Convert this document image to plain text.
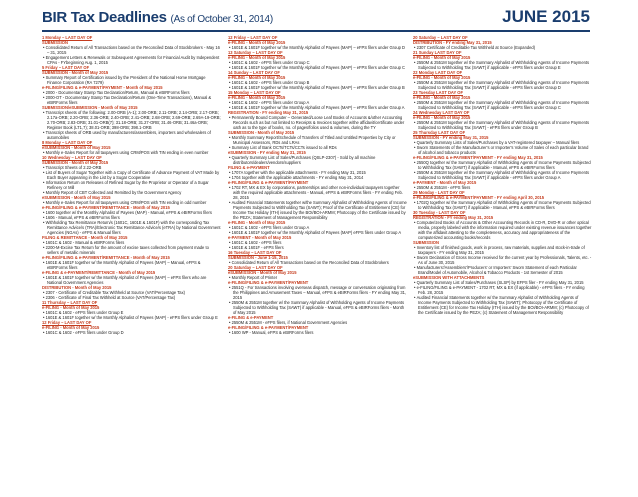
BIR Tax Deadlines (As of October 31, 2014)	JUNE 2015
1 Monday – LAST DAY OF
SUBMISSION
• Consolidated Return of All Transactions based on the Reconciled Data of Stockbrokers - May 16 – 31, 2015
• Engagement Letters & Renewals or Subsequent Agreements for Financial Audit by Independent CPAs - FYbeginning Aug. 1, 2015
5 Friday – LAST DAY OF
SUBMISSION - Month of May 2015
• Summary Report of Certification issued by the President of the National Home Mortgage Finance Corporation (RA 7279)
e-FILING/FILING & e-PAYMENT/PAYMENT - Month of May 2015
• 2000 - Documentary Stamp Tax Declaration/Return, Manual & eBIRForms filers
• 2000-OT - Documentary Stamp Tax Declaration/Return (One-Time Transactions), Manual & eBIRForms filers
SUBMISSION/eSUBMISSION - Month of May 2015
• Transcript sheets of the following: 2.00-ORB (A-1); 2.00-ORB; 2.11-ORB; 2.14-ORB; 2.17-ORB; 2.17a-ORB; 2.20-ORB; 2.36-ORB; 2.40-ORB; 2.41-ORB; 2.68-ORB; 2.69-ORB; 2.69A-19-ORB; 2.70-ORB; 2.83-ORB; 31.01-ORB(7); 31.18-ORB; 31.27-ORB; 31.46-ORB; 31.46a-ORB; Register Book (LT1,7); 38.01-ORB; 398-ORB; 398.1-ORB
• Transcript sheets of ORB used by manufacturers/assemblers, importers and wholesalers of automobiles
8 Monday – LAST DAY OF
eSUBMISSION - Month of May 2015
• Monthly e-Sales Report for all taxpayers using CRM/POS with TIN ending in even number
10 Wednesday – LAST DAY OF
SUBMISSION - Month of May 2015
• Transcript Sheets of 2.22-ORB
• List of Buyers of Sugar Together with a Copy of Certificate of Advance Payment of VAT Made by Each Buyer appearing in the List by a Sugar Cooperative
• Information Return on Releases of Refined Sugar by the Proprietor or Operator of a Sugar Refinery or Mill
• Monthly Report of CBT Collected and Remitted by the Government Agency
eSUBMISSION - Month of May 2015
• Monthly e-Sales Report for all taxpayers using CRM/POS with TIN ending in odd number
e-FILING/FILING & e-PAYMENT/REMITTANCE - Month of May 2015
• 1600 together w/ the Monthly Alphalist of Payees (MAP) - Manual, eFPS & eBIRForms filers
• 1606 - Manual, eFPS & eBIRForms filers
• Withholding Tax Remittance Return/s (1601C, 1601E & 1601F) with the corresponding Tax Remittance Advice/s (TRA)/Electronic Tax Remittance Advice/s (eTRA) by National Government Agencies (NGAs) - eFPS & Manual filers
FILING & REMITTANCE - Month of May 2015
• 1601C & 1602 - Manual & eBIRForms filers
• 2200-M-Excise Tax Return for the amount of excise taxes collected from payment made to sellers of metallic minerals
e-FILING/FILING & e-PAYMENT/REMITTANCE - Month of May 2015
• 1601E & 1601F together w/ the Monthly Alphalist of Payees (MAP) – Manual, eFPS & eBIRForms filers
e-FILING & e-PAYMENT/REMITTANCE - Month of May 2015
• 1601E & 1601F together w/ the Monthly Alphalist of Payees (MAP) – eFPS filers who are National Government Agencies
DISTRIBUTION - Month of May 2015
• 2307 - Certificate of Creditable Tax Withheld at Source (VAT/Percentage Tax)
• 2306 - Certificate of Final Tax Withheld at Source (VAT/Percentage Tax)
11 Thursday – LAST DAY OF
e-FILING - Month of May 2015
• 1601C & 1602 - eFPS filers under Group E
• 1601E & 1601F together w/ the Monthly Alphalist of Payees (MAP) - eFPS filers under Group E
12 Friday – LAST DAY OF
e-FILING - Month of May 2015
• 1601C & 1602 - eFPS filers under Group D
12 Friday – LAST DAY OF
e-FILING - Month of May 2015
• 1601E & 1601F together w/ the Monthly Alphalist of Payees (MAP) – eFPS filers under Group D
13 Saturday – LAST DAY OF
e-FILING - Month of May 2015
• 1601C & 1602 - eFPS filers under Group C
• 1601E & 1601F together w/ the Monthly Alphalist of Payees (MAP) – eFPS filers under Group C
14 Sunday – LAST DAY OF
e-FILING - Month of May 2015
• 1601C & 1602 - eFPS filers under Group B
• 1601E & 1601F together w/ the Monthly Alphalist of Payees (MAP) – eFPS filers under Group B
15 Monday – LAST DAY OF
e-FILING - Month of May 2015
• 1601C & 1602 - eFPS filers under Group A
• 1601E & 1601F together w/ the Monthly Alphalist of Payees (MAP) – eFPS filers under Group A
REGISTRATION - FY ending May 31, 2015
• Permanently Bound Computer – Generated/Loose Leaf Books of Accounts &/other Accounting Records such as but not limited to Receipts & Invoices together w/the affidavit/certificate under oath as to the type of books, no. of pages/folios used & volumes, during the TY
SUBMISSION - Month of May 2015
• Monthly Summary Report/Schedule of Transfers of Titled and Untitled Properties by City or Municipal Assessors, RDs and LRAs
• Summary List of Bank OCTs/TCTs/CCTs issued to all RDs
eSUBMISSION - FY ending May 31, 2015
• Quarterly Summary List of Sales/Purchases (QSLP-2307) - Sold by all machine distributors/dealers/vendors/suppliers
FILING & e-PAYMENT
• 1707A together with the applicable attachments - FY ending May 31, 2015
• 1704 together with the applicable attachments - FY ending May 31, 2014
e-FILING/FILING & e-PAYMENT/PAYMENT
• 1702 RT, MX & EX by corporations, partnerships and other non-individual taxpayers together with the required applicable attachments - Manual, eFPS & eBIRForms filers - FY ending Feb. 28, 2015
• Audited Financial Statements together w/the Summary Alphalist of Withholding Agents of Income Payments Subjected to Withholding Tax (SAWT); Proof of the Certificate of Entitlement (CE) for Income Tax Holiday (ITH) issued by the BOI/BOI-ARMM; Photocopy of the Certificate issued by the PEZA; Statement of Management Responsibility
e-FILING - Month of May 2015
• 1601C & 1602 - eFPS filers under Group A
• 1601E & 1601F together w/ the Monthly Alphalist of Payees (MAP) eFPS filers under Group A
e-PAYMENT - Month of May 2015
• 1601C & 1602 - eFPS filers
• 1601E & 1601F - eFPS filers
16 Tuesday – LAST DAY OF
SUBMISSION - June 1-15, 2015
• Consolidated Return of All Transactions based on the Reconciled Data of Stockbrokers
20 Saturday – LAST DAY OF
eSUBMISSION - Month of May 2015
• Monthly Report of Printer
e-FILING/FILING & e-PAYMENT/PAYMENT
• 2551Q - For transactions involving overseas dispatch, message or conversation originating from the Philippines and Amusement Taxes – Manual, eFPS & eBIRForms filers - FY ending May 31, 2015
• 2550M & 2551M together w/ the Summary Alphalist of Withholding Agents of Income Payments Subjected to Withholding Tax (SAWT) if applicable - Manual, eFPS & eBIRForms filers - Month of May 2015
e-FILING & e-PAYMENT
• 2550M & 2551M - eFPS filers, if National Government Agencies
e-FILING/FILING & e-PAYMENT/PAYMENT
• 1600 WP - Manual, eFPS & eBIRForms filers
20 Saturday – LAST DAY OF
DISTRIBUTION - FY ending May 31, 2015
• 2307 Certificate of Creditable Tax Withheld at Source (Expanded)
21 Sunday LAST DAY OF
e-FILING - Month of May 2015
• 2550M & 2551M together w/ the Summary Alphalist of Withholding Agents of Income Payments Subjected to Withholding Tax (SAWT) if applicable - eFPS filers under Group E
22 Monday LAST DAY OF
e-FILING - Month of May 2015
• 2550M & 2551M together w/ the Summary Alphalist of Withholding Agents of Income Payments Subjected to Withholding Tax (SAWT) if applicable - eFPS filers under Group D
23 Tuesday LAST DAY OF
e-FILING - Month of May 2015
• 2550M & 2551M together w/ the Summary Alphalist of Withholding Agents of Income Payments Subjected to Withholding Tax (SAWT) if applicable - eFPS filers under Group C
24 Wednesday LAST DAY OF
e-FILING - Month of May 2015
• 2550M & 2551M together w/ the Summary Alphalist of Withholding Agents of Income Payments Subjected to Withholding Tax (SAWT) - eFPS filers under Group B
25 Thursday LAST DAY OF
SUBMISSION - FY ending May 31, 2015
• Quarterly Summary Lists of Sales/Purchases by a VAT-registered taxpayer – Manual filers
• Sworn Statements of the Manufacturer's or Importer's Volume of Sales of each particular brand of alcohol and tobacco products
e-FILING/FILING & e-PAYMENT/PAYMENT - FY ending May 31, 2015
• 2550Q together w/ the Summary Alphalist of Withholding Agents of Income Payments Subjected to Withholding Tax (SAWT) if applicable - Manual, eFPS & eBIRForms filers
• 2550M & 2551M together w/ the Summary Alphalist of Withholding Agents of Income Payments Subjected to Withholding Tax (SAWT) if applicable - eFPS filers under Group A
e-PAYMENT - Month of May 2015
• 2550M & 2551M - eFPS filers
29 Monday - LAST DAY OF
e-FILING/FILING & e-PAYMENT/PAYMENT - FY ending April 30, 2015
• 1702Q together w/ the Summary Alphalist of Withholding Agents of Income Payments Subjected to Withholding Tax (SAWT) if applicable - Manual, eFPS & eBIRForms filers
30 Tuesday - LAST DAY OF
REGISTRATION - FY ending May 31, 2015
• Computerized Books of Accounts & Other Accounting Records in CD-R, DVD-R or other optical media, properly labeled with the information required under existing revenue issuances together with the affidavit attesting to the completeness, accuracy and appropriateness of the computerized accounting books/records
SUBMISSION
• Inventory list of finished goods, work in process, raw materials, supplies and stock-in-trade of taxpayers - FY ending May 31, 2015
• Sworn Declaration of Gross Income received for the current year by Professionals, Talents, etc. - As of June 30, 2015
• Manufacturers'/Assemblers'/Producers' or Importers' Sworn Statement of each Particular Brand/Model of Automobile, Alcohol & Tobacco Products - 1st Semester of 2015
eSUBMISSION WITH ATTACHMENTS
• Quarterly Summary List of Sales/Purchases (SLSP) by EFPS filer - FY ending May 31, 2015
• e-FILING/FILING & e-PAYMENT - 1702 RT, MX & EX (if applicable) - eFPS filers - FY ending Feb. 28, 2015
• Audited Financial Statements together w/ the Summary Alphalist of Withholding Agents of Income Payments Subjected to Withholding Tax (SAWT); Photocopy of the Certificate of Entitlement (CE) for Income Tax Holiday (ITH) issued by the BOI/BOI-ARMM; (c) Photocopy of the Certificate issued by the PEZA; (c) Statement of Management Responsibility
